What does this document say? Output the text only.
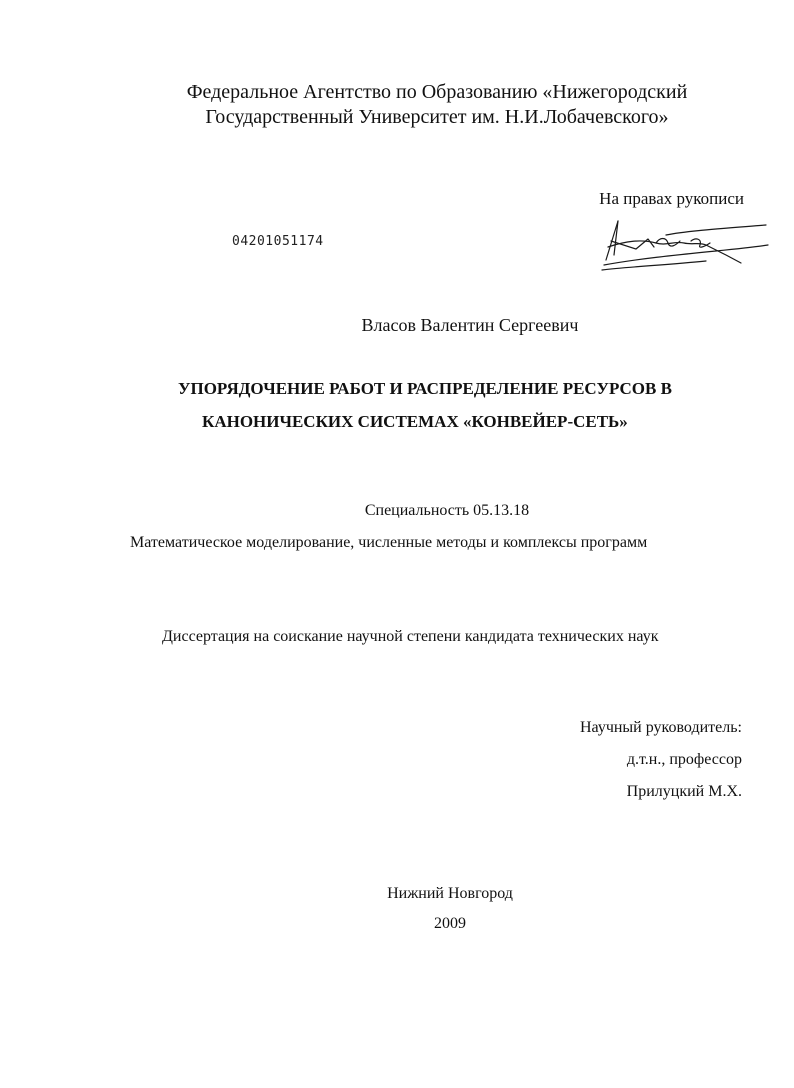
Федеральное Агентство по Образованию «Нижегородский
Государственный Университет им. Н.И.Лобачевского»
На правах рукописи
04201051174
Власов Валентин Сергеевич
УПОРЯДОЧЕНИЕ РАБОТ И РАСПРЕДЕЛЕНИЕ РЕСУРСОВ В
КАНОНИЧЕСКИХ СИСТЕМАХ «КОНВЕЙЕР-СЕТЬ»
Специальность 05.13.18
Математическое моделирование, численные методы и комплексы программ
Диссертация на соискание научной степени кандидата технических наук
Научный руководитель:
д.т.н., профессор
Прилуцкий М.Х.
Нижний Новгород
2009
